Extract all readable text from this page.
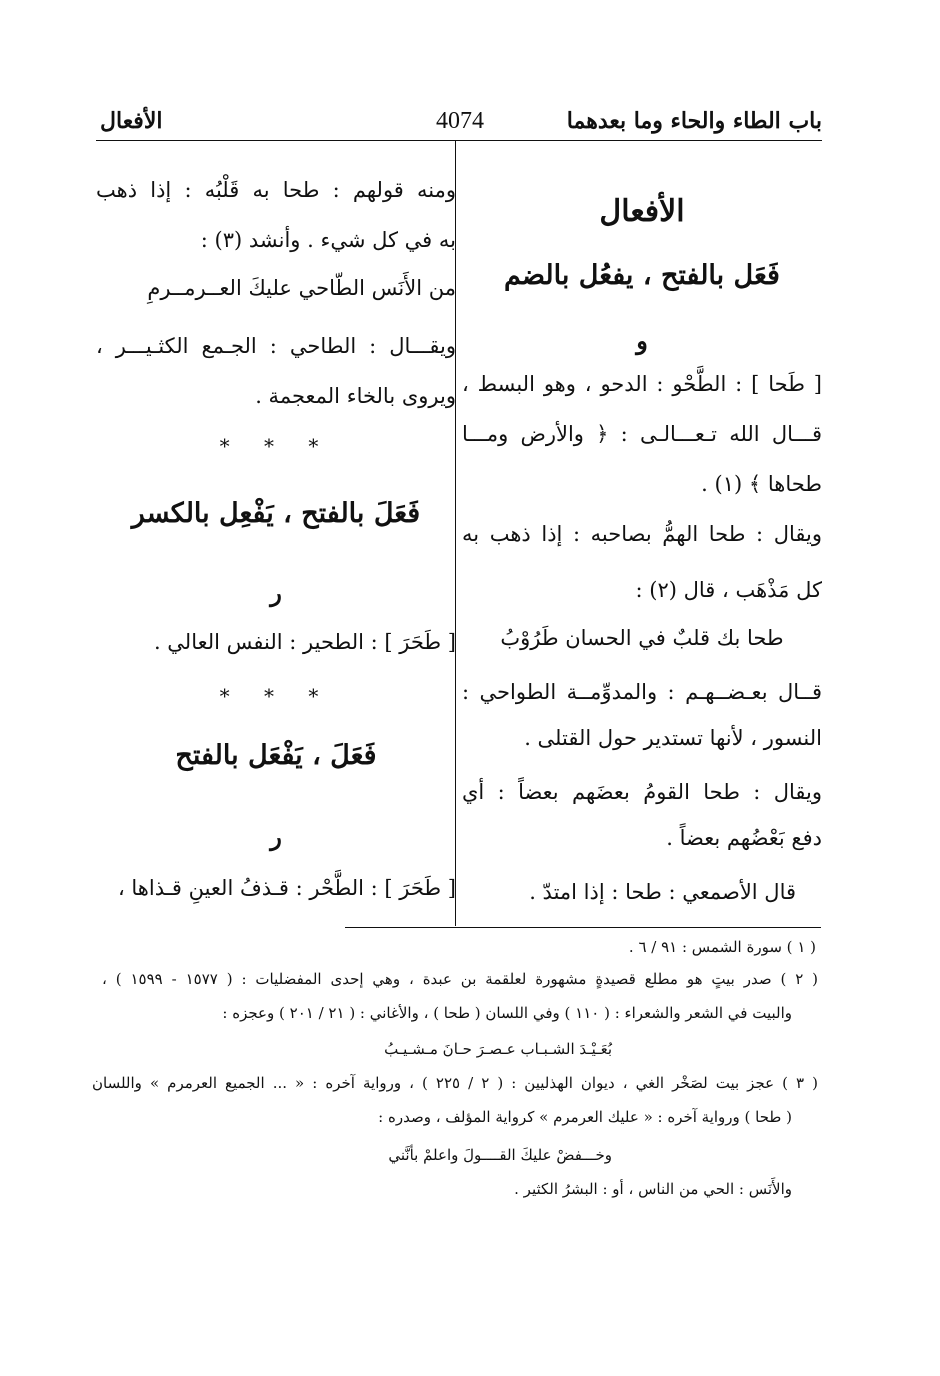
باب الطاء والحاء وما بعدهما
4074
الأفعال
الأفعال
فَعَل بالفتح ، يفعُل بالضم
و
[ طَحا ] : الطَّحْو : الدحو ، وهو البسط ،
قـــال الله تـعـــالـى : ﴿ والأرض ومـــا
طحاها ﴾ (١) .
ويقال : طحا الهمُّ بصاحبه : إذا ذهب به
كل مَذْهَب ، قال (٢) :
طحا بك قلبٌ في الحسان طَرُوْبُ
قــال بعـضــهـم : والمدوِّمــة الطواحي :
النسور ، لأنها تستدير حول القتلى .
ويقال : طحا القومُ بعضَهم بعضاً : أي
دفع بَعْضُهم بعضاً .
قال الأصمعي : طحا : إذا امتدّ .
ومنه قولهم : طحا به قَلْبُه : إذا ذهب
به في كل شيء . وأنشد (٣) :
من الأَنَس الطّاحي عليكَ العــرمــرمِ
ويقـــال : الطاحي : الجـمع الكثـيـــر ،
ويروى بالخاء المعجمة .
* * *
فَعَلَ بالفتح ، يَفْعِل بالكسر
ر
[ طَحَرَ ] : الطحير : النفس العالي .
* * *
فَعَلَ ، يَفْعَل بالفتح
ر
[ طَحَرَ ] : الطَّحْر : قـذفُ العينِ قـذاها ،
( ١ ) سورة الشمس : ٩١ / ٦ .
( ٢ ) صدر بيتٍ هو مطلع قصيدةٍ مشهورة لعلقمة بن عبدة ، وهي إحدى المفضليات : ( ١٥٧٧ - ١٥٩٩ ) ،
والبيت في الشعر والشعراء : ( ١١٠ ) وفي اللسان ( طحا ) ، والأغاني : ( ٢١ / ٢٠١ ) وعجزه :
بُعَـيْـدَ الشـبـاب عـصـرَ حـانَ مـشـيـبُ
( ٣ ) عجز بيت لصَخْر الغي ، ديوان الهذليين : ( ٢ / ٢٢٥ ) ، ورواية آخره : « ... الجميع العرمرم » واللسان
( طحا ) ورواية آخره : « عليك العرمرم » كرواية المؤلف ، وصدره :
وخـــفضْ عليكَ القــــولَ واعلمْ بأنَّني
والأَنَس : الحي من الناس ، أو : البشرُ الكثير .
